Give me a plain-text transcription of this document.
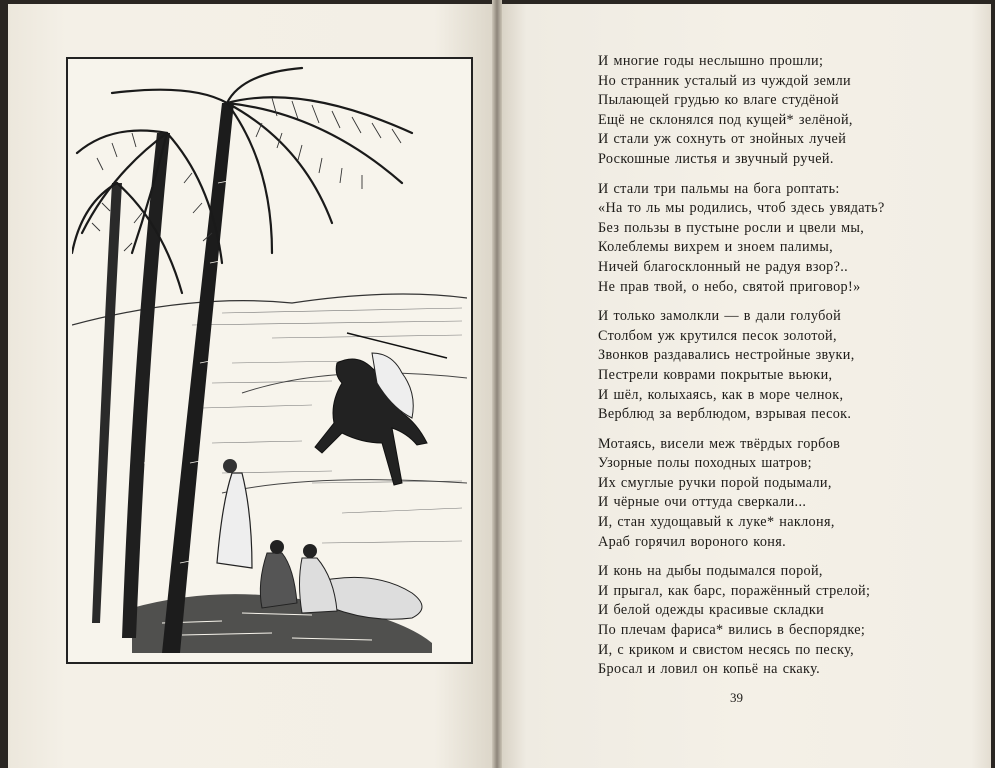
И многие годы неслышно прошли;
Но странник усталый из чуждой земли
Пылающей грудью ко влаге студёной
Ещё не склонялся под кущей* зелёной,
И стали уж сохнуть от знойных лучей
Роскошные листья и звучный ручей.
И стали три пальмы на бога роптать:
«На то ль мы родились, чтоб здесь увядать?
Без пользы в пустыне росли и цвели мы,
Колеблемы вихрем и зноем палимы,
Ничей благосклонный не радуя взор?..
Не прав твой, о небо, святой приговор!»
И только замолкли — в дали голубой
Столбом уж крутился песок золотой,
Звонков раздавались нестройные звуки,
Пестрели коврами покрытые вьюки,
И шёл, колыхаясь, как в море челнок,
Верблюд за верблюдом, взрывая песок.
Мотаясь, висели меж твёрдых горбов
Узорные полы походных шатров;
Их смуглые ручки порой подымали,
И чёрные очи оттуда сверкали...
И, стан худощавый к луке* наклоня,
Араб горячил вороного коня.
И конь на дыбы подымался порой,
И прыгал, как барс, поражённый стрелой;
И белой одежды красивые складки
По плечам фариса* вились в беспорядке;
И, с криком и свистом несясь по песку,
Бросал и ловил он копьё на скаку.
39
